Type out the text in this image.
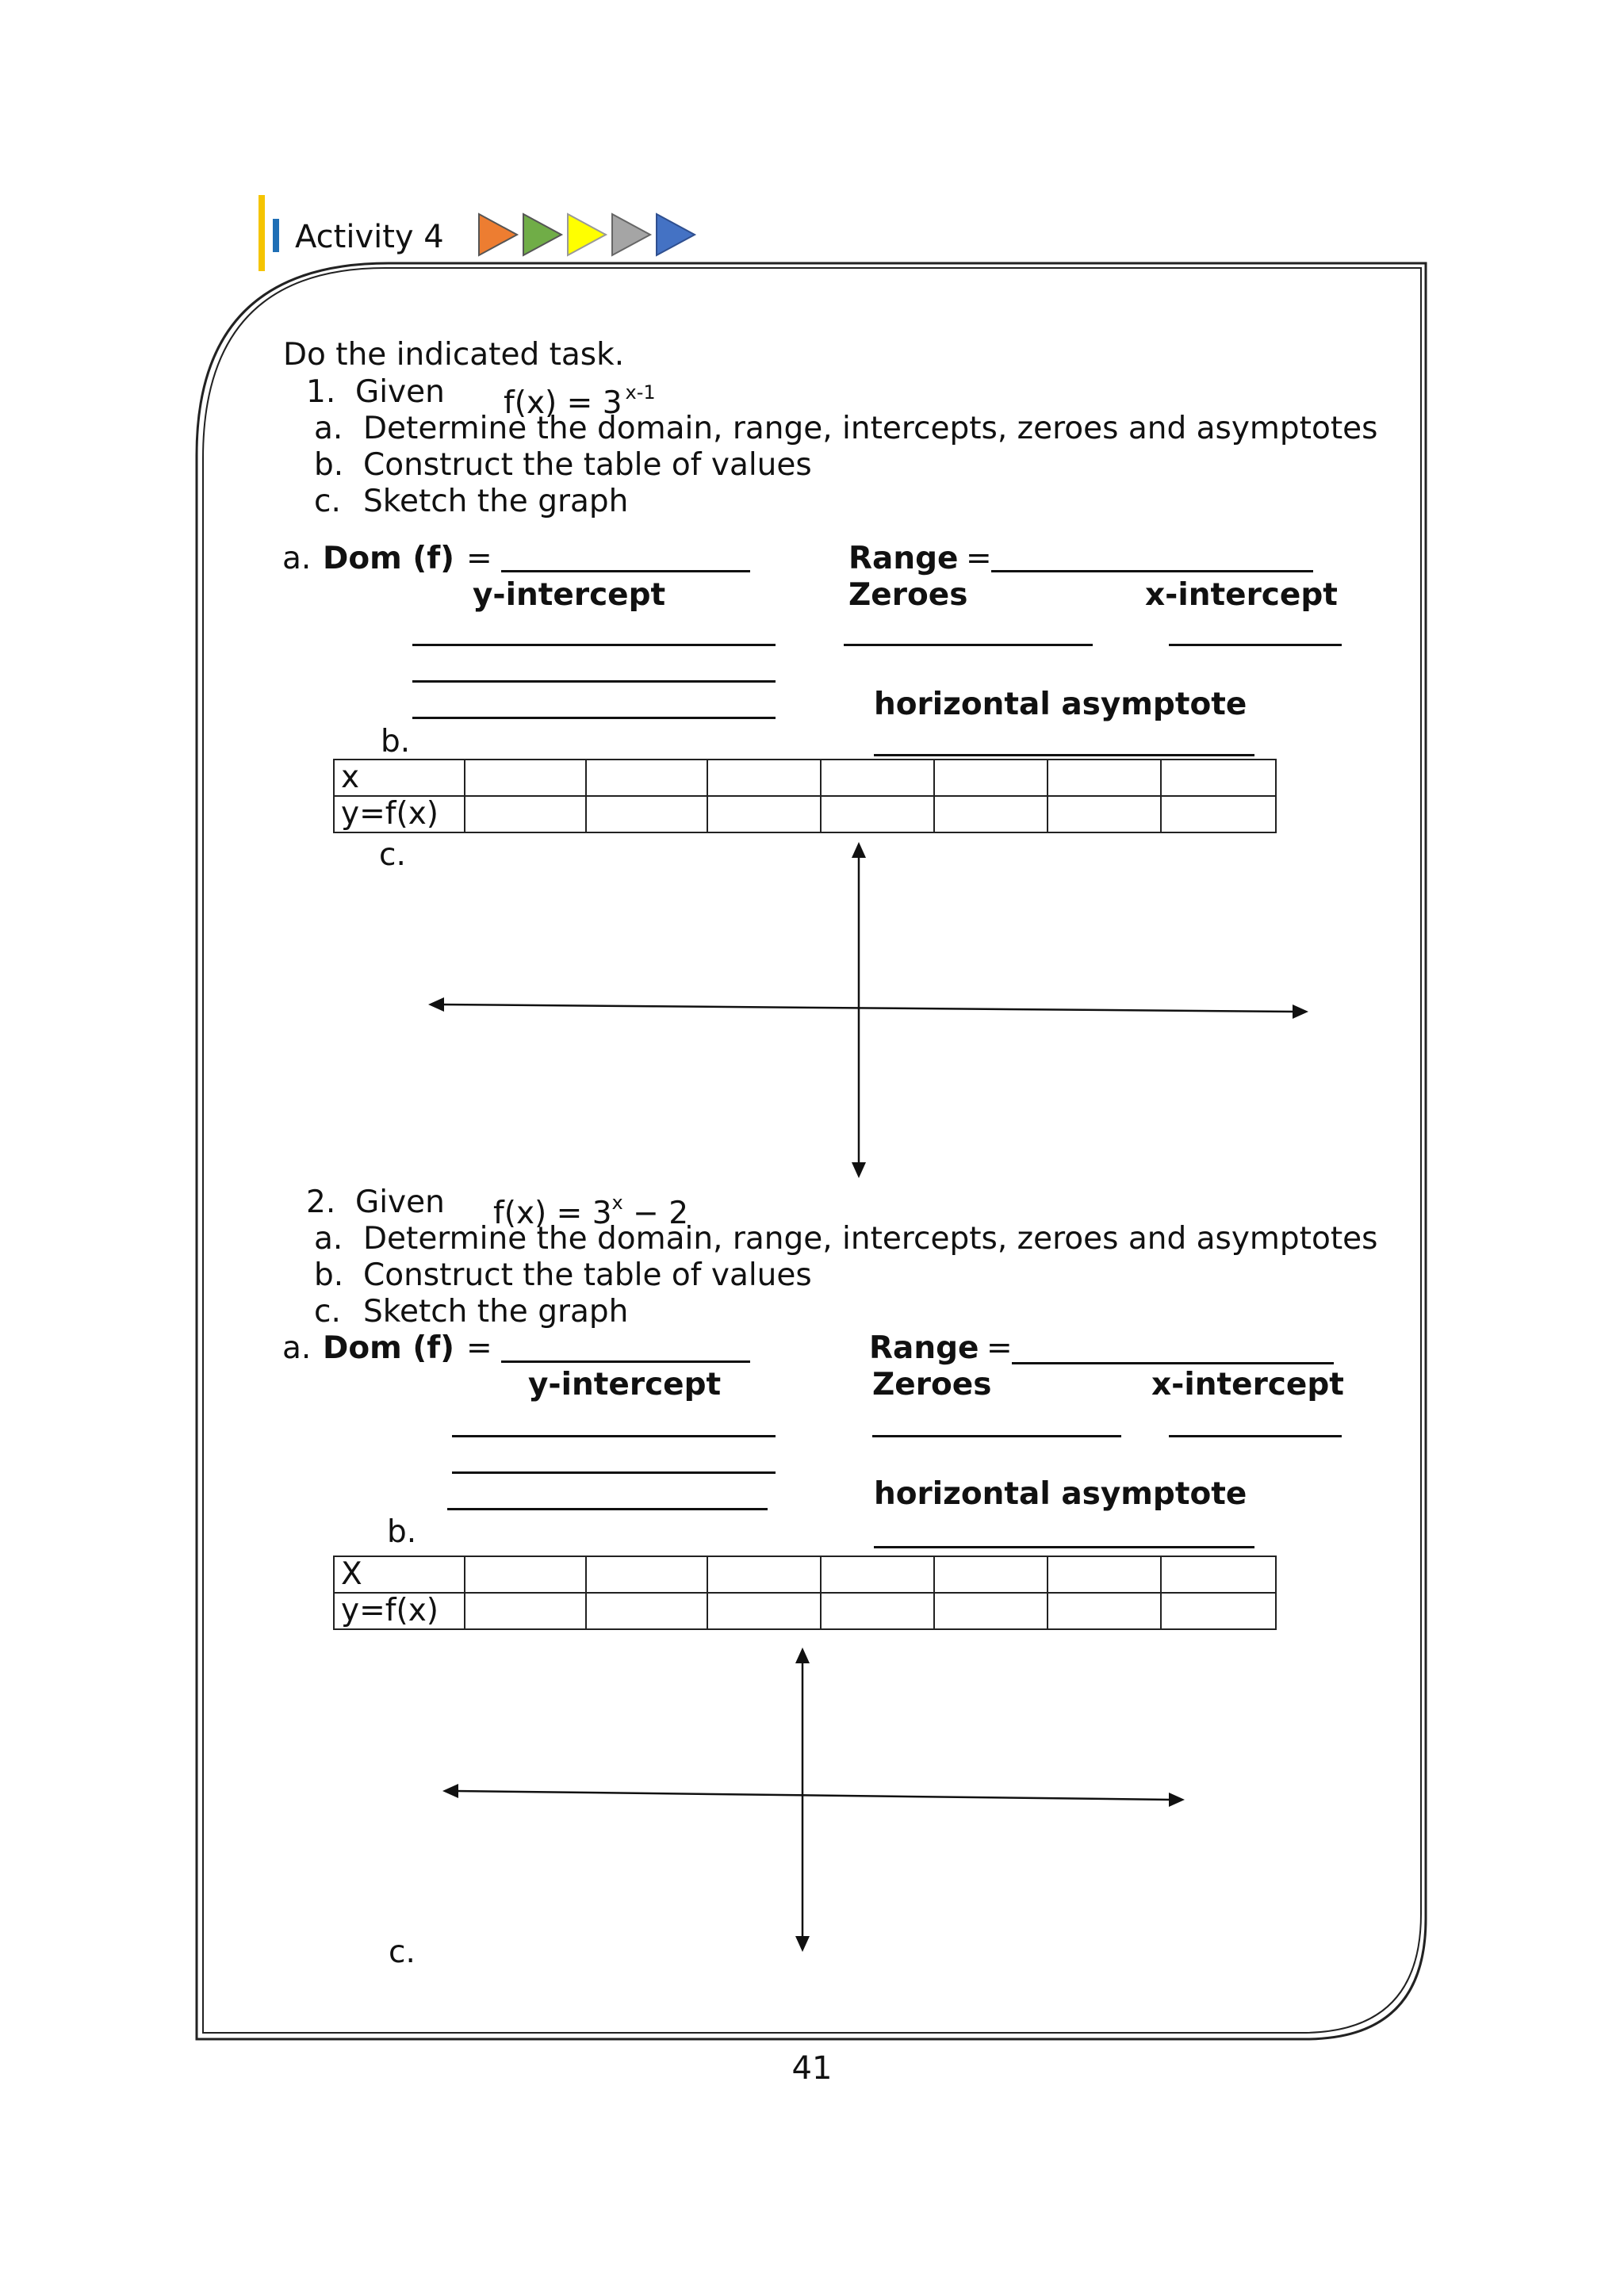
Activity 4
Do the indicated task.
1. Given f(x) = 3 $^{x-1}$
a. Determine the domain, range, intercepts, zeroes and asymptotes
b. Construct the table of values
c. Sketch the graph
a. Dom (f) =	Range =
y-intercept	Zeroes	x-intercept
horizontal asymptote
b.
x							
y=f(x)							
c.
2. Given $f(x) = 3^x - 2$
a. Determine the domain, range, intercepts, zeroes and asymptotes
b. Construct the table of values
c. Sketch the graph
a. Dom (f) =	Range =
y-intercept	Zeroes	x-intercept
horizontal asymptote
b.
X							
y=f(x)							
c.
41
